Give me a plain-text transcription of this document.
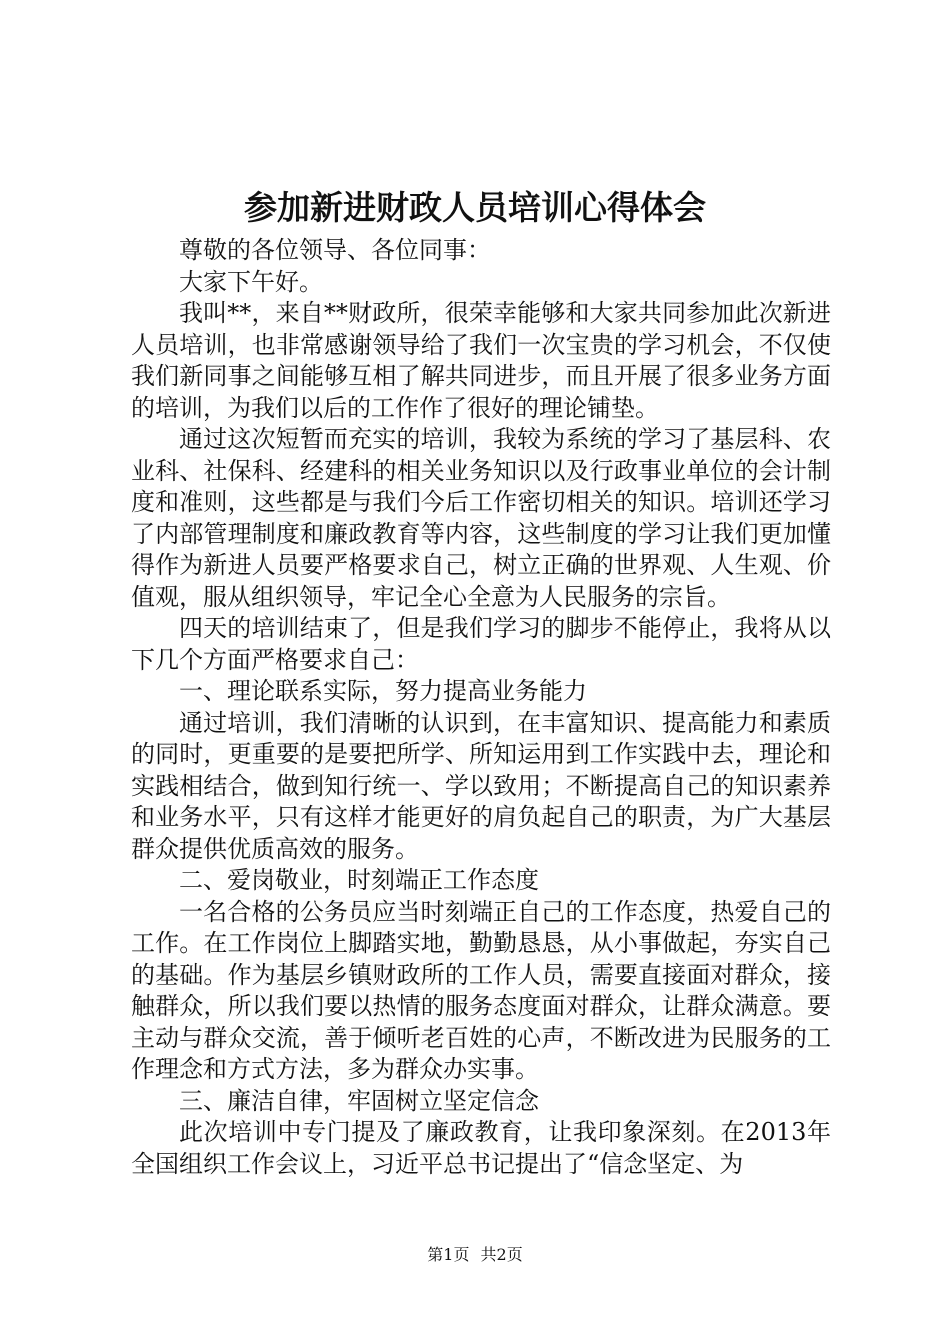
参加新进财政人员培训心得体会

尊敬的各位领导、各位同事：

大家下午好。

我叫**，来自**财政所，很荣幸能够和大家共同参加此次新进人员培训，也非常感谢领导给了我们一次宝贵的学习机会，不仅使我们新同事之间能够互相了解共同进步，而且开展了很多业务方面的培训，为我们以后的工作作了很好的理论铺垫。

通过这次短暂而充实的培训，我较为系统的学习了基层科、农业科、社保科、经建科的相关业务知识以及行政事业单位的会计制度和准则，这些都是与我们今后工作密切相关的知识。培训还学习了内部管理制度和廉政教育等内容，这些制度的学习让我们更加懂得作为新进人员要严格要求自己，树立正确的世界观、人生观、价值观，服从组织领导，牢记全心全意为人民服务的宗旨。

四天的培训结束了，但是我们学习的脚步不能停止，我将从以下几个方面严格要求自己：

一、理论联系实际，努力提高业务能力

通过培训，我们清晰的认识到，在丰富知识、提高能力和素质的同时，更重要的是要把所学、所知运用到工作实践中去，理论和实践相结合，做到知行统一、学以致用；不断提高自己的知识素养和业务水平，只有这样才能更好的肩负起自己的职责，为广大基层群众提供优质高效的服务。

二、爱岗敬业，时刻端正工作态度

一名合格的公务员应当时刻端正自己的工作态度，热爱自己的工作。在工作岗位上脚踏实地，勤勤恳恳，从小事做起，夯实自己的基础。作为基层乡镇财政所的工作人员，需要直接面对群众，接触群众，所以我们要以热情的服务态度面对群众，让群众满意。要主动与群众交流，善于倾听老百姓的心声，不断改进为民服务的工作理念和方式方法，多为群众办实事。

三、廉洁自律，牢固树立坚定信念

此次培训中专门提及了廉政教育，让我印象深刻。在2013年全国组织工作会议上，习近平总书记提出了“信念坚定、为

第1页 共2页
